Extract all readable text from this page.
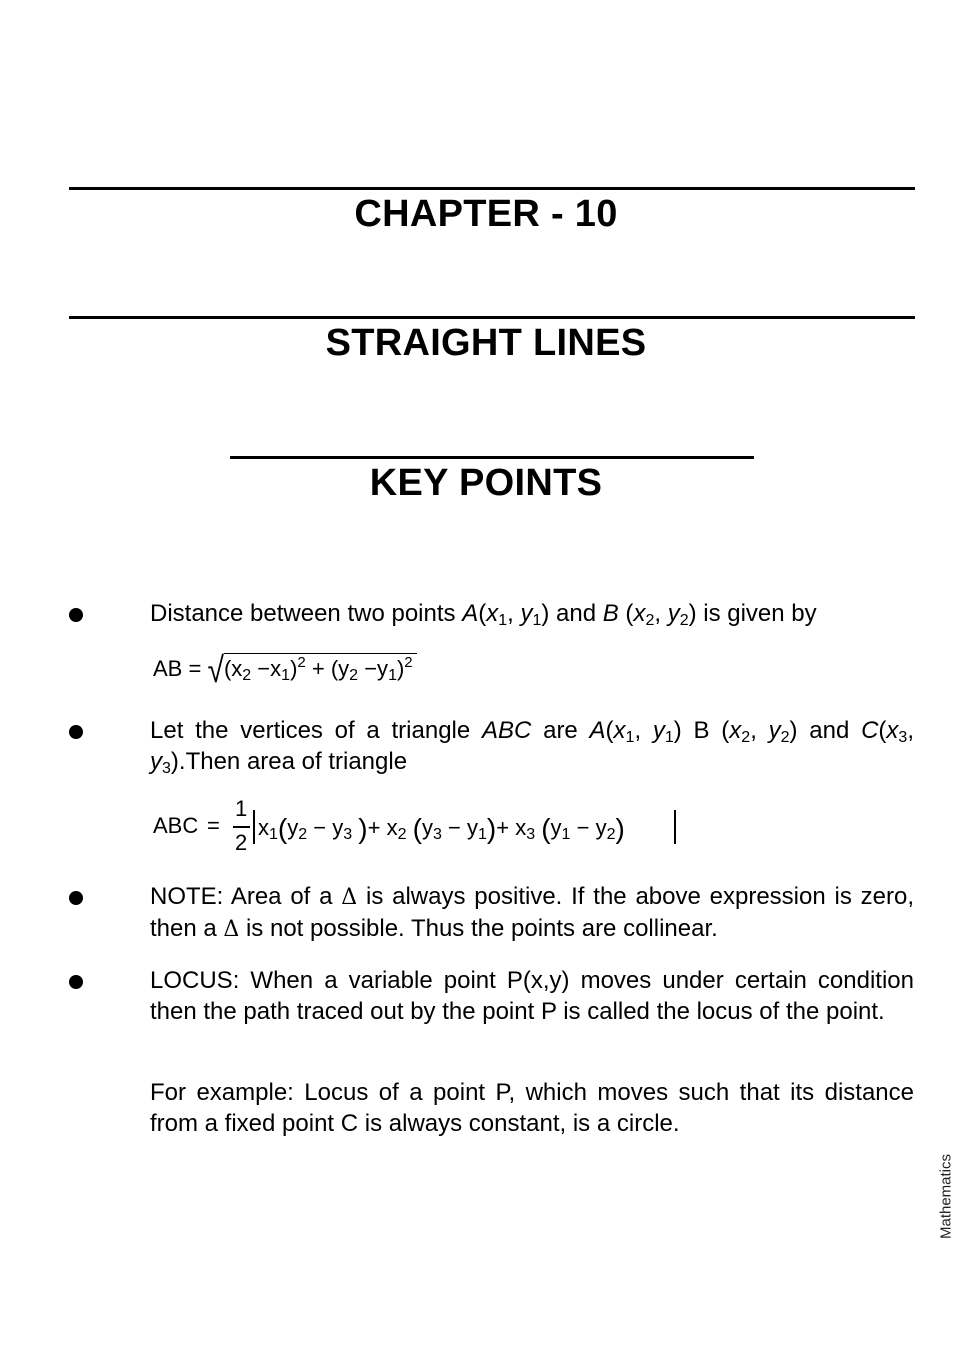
CHAPTER - 10
STRAIGHT LINES
KEY POINTS
Distance between two points $A(x_1$, $y_1$) and B ($x_2$, $y_2$) is given by
AB = $√(x_2 -x_1)^2 + (y_2 -y_1)^2$
Let the vertices of a triangle ABC are $A(x_1$, $y_1$) B ($x_2$, $y_2$) and $C(x_3$, $y_3).Then$ area of triangle
ABC =
1
2
$x_1(y_2 - y_3$ )+ $x_2$ $(y_3 - y_1)+ x_3$ $(y_1 - y_2)$
NOTE: Area of a Δ is always positive. If the above expression is zero, then a Δ is not possible. Thus the points are collinear.
LOCUS: When a variable point P(x,y) moves under certain condition then the path traced out by the point P is called the locus of the point.
For example: Locus of a point P, which moves such that its distance from a fixed point C is always constant, is a circle.
Mathematics
